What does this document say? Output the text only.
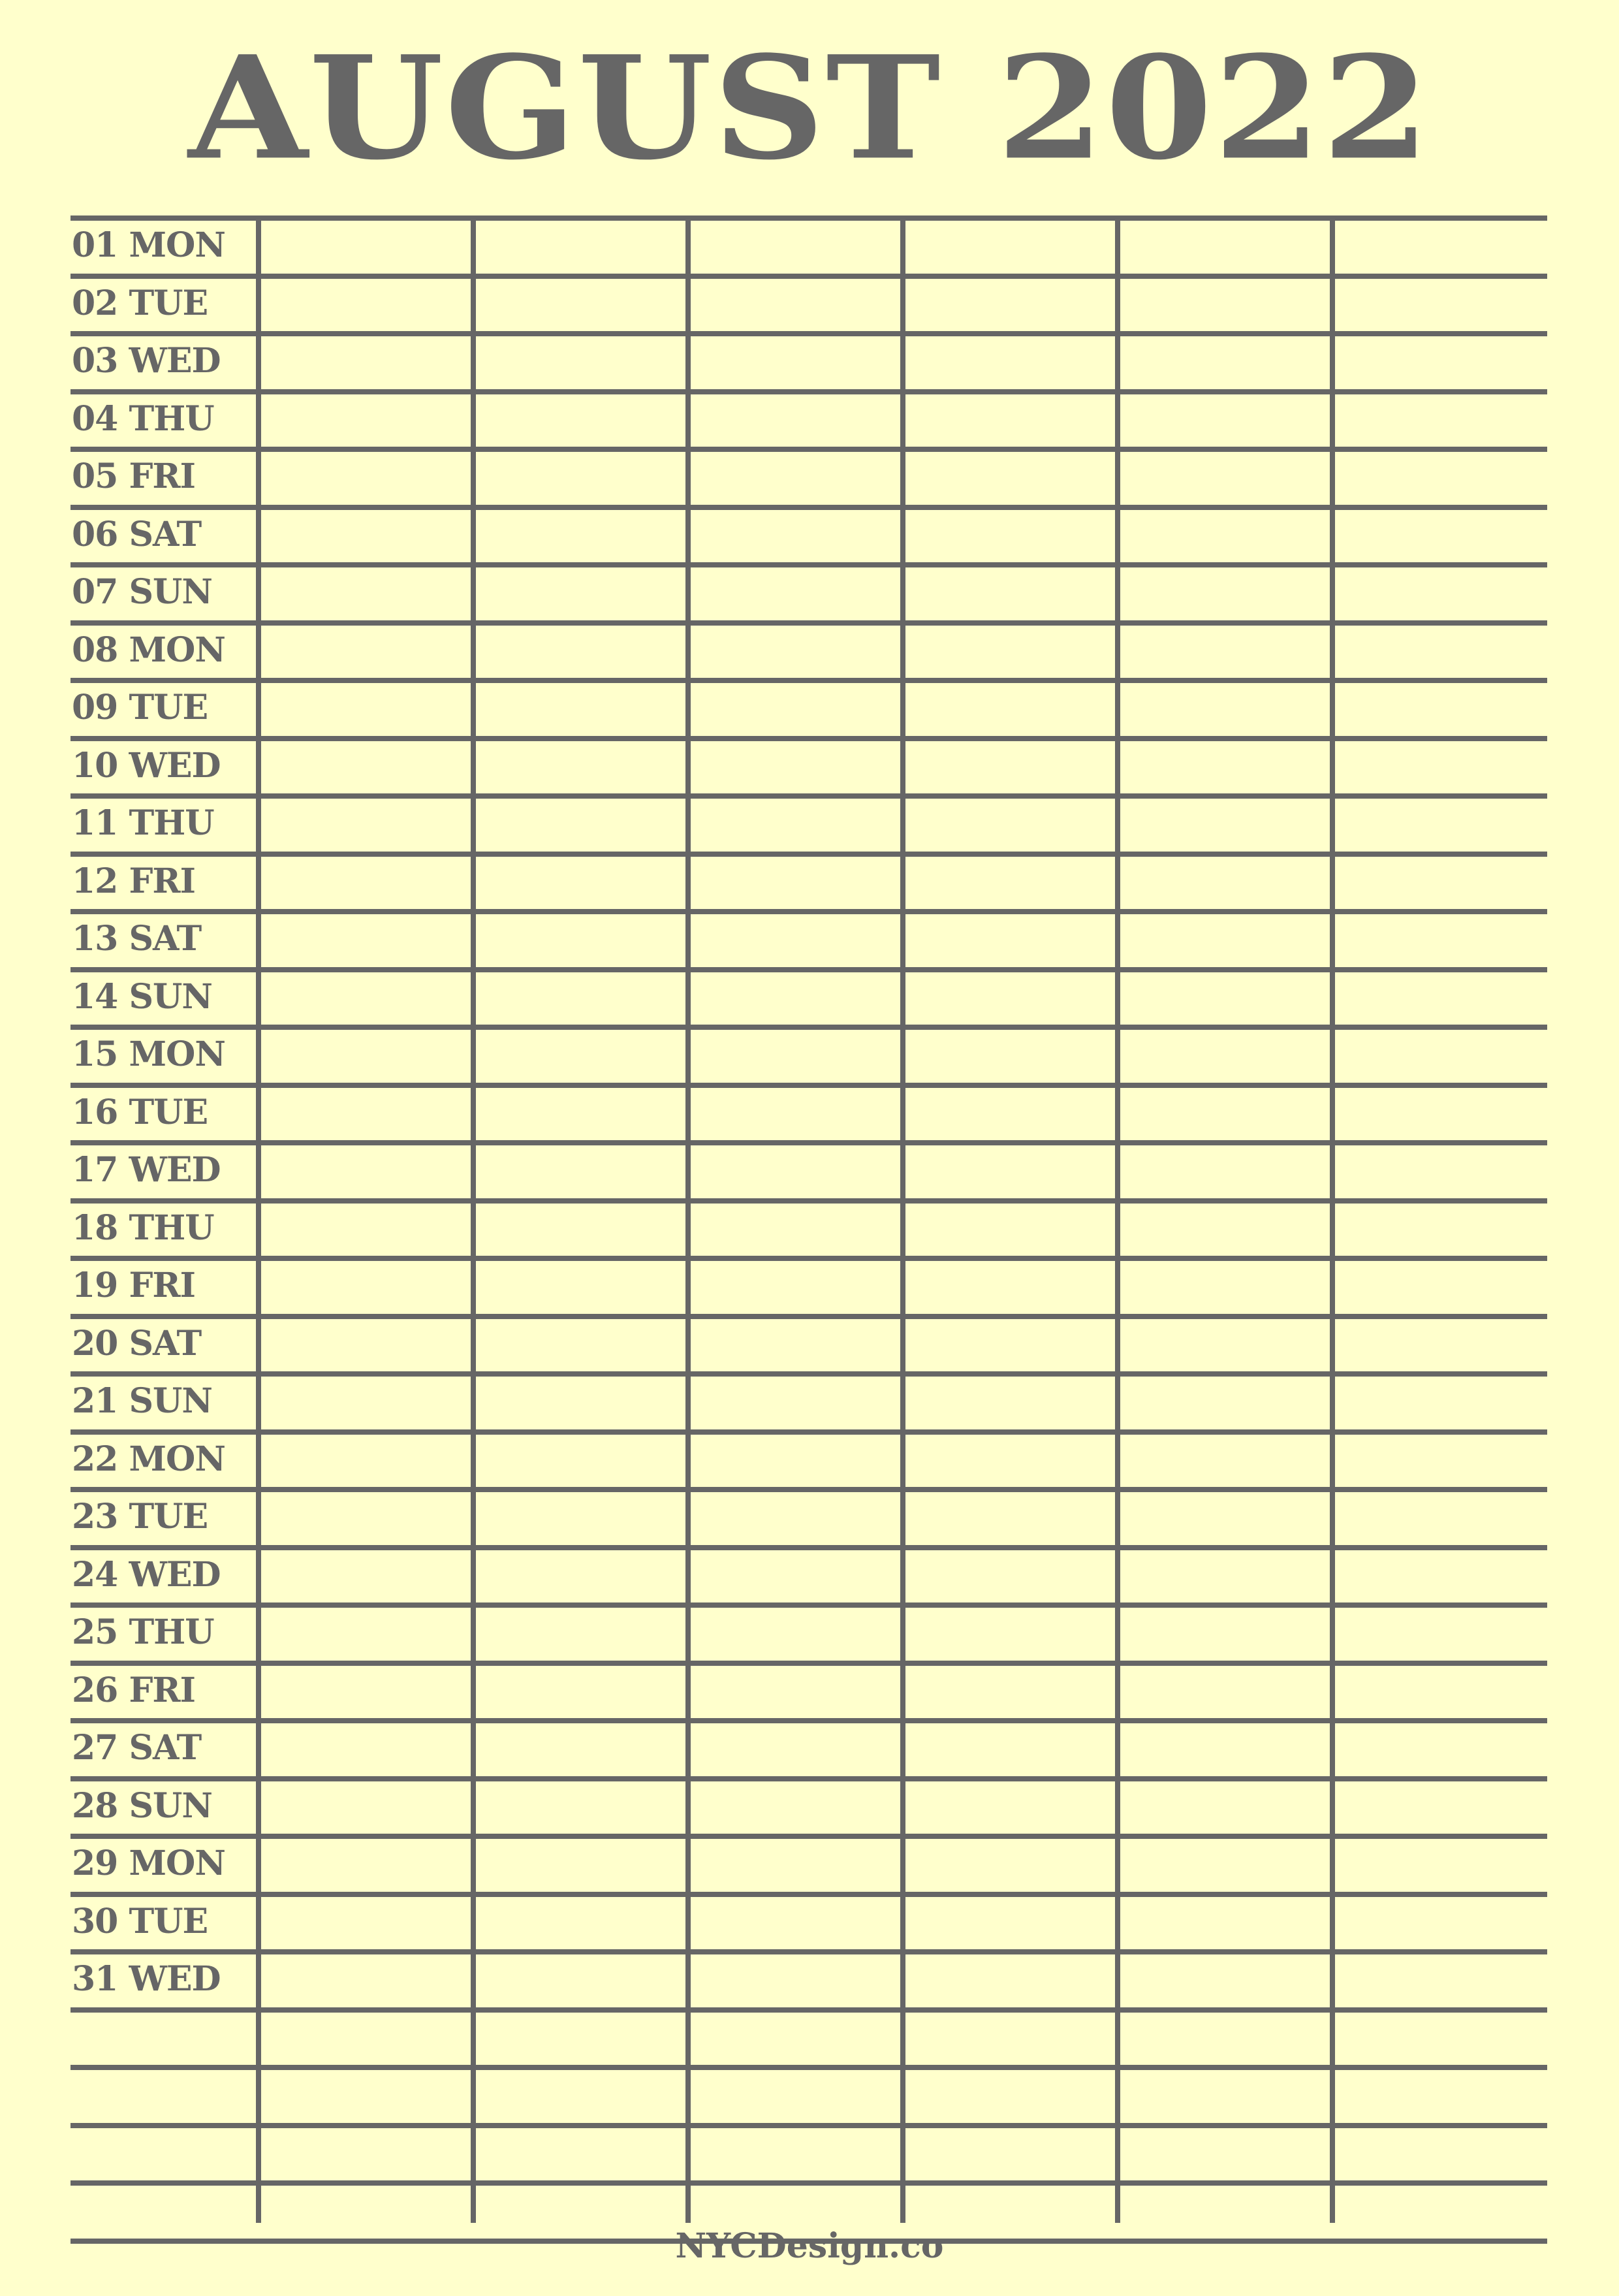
AUGUST 2022
01 MON
02 TUE
03 WED
04 THU
05 FRI
06 SAT
07 SUN
08 MON
09 TUE
10 WED
11 THU
12 FRI
13 SAT
14 SUN
15 MON
16 TUE
17 WED
18 THU
19 FRI
20 SAT
21 SUN
22 MON
23 TUE
24 WED
25 THU
26 FRI
27 SAT
28 SUN
29 MON
30 TUE
31 WED
NYCDesign.co
